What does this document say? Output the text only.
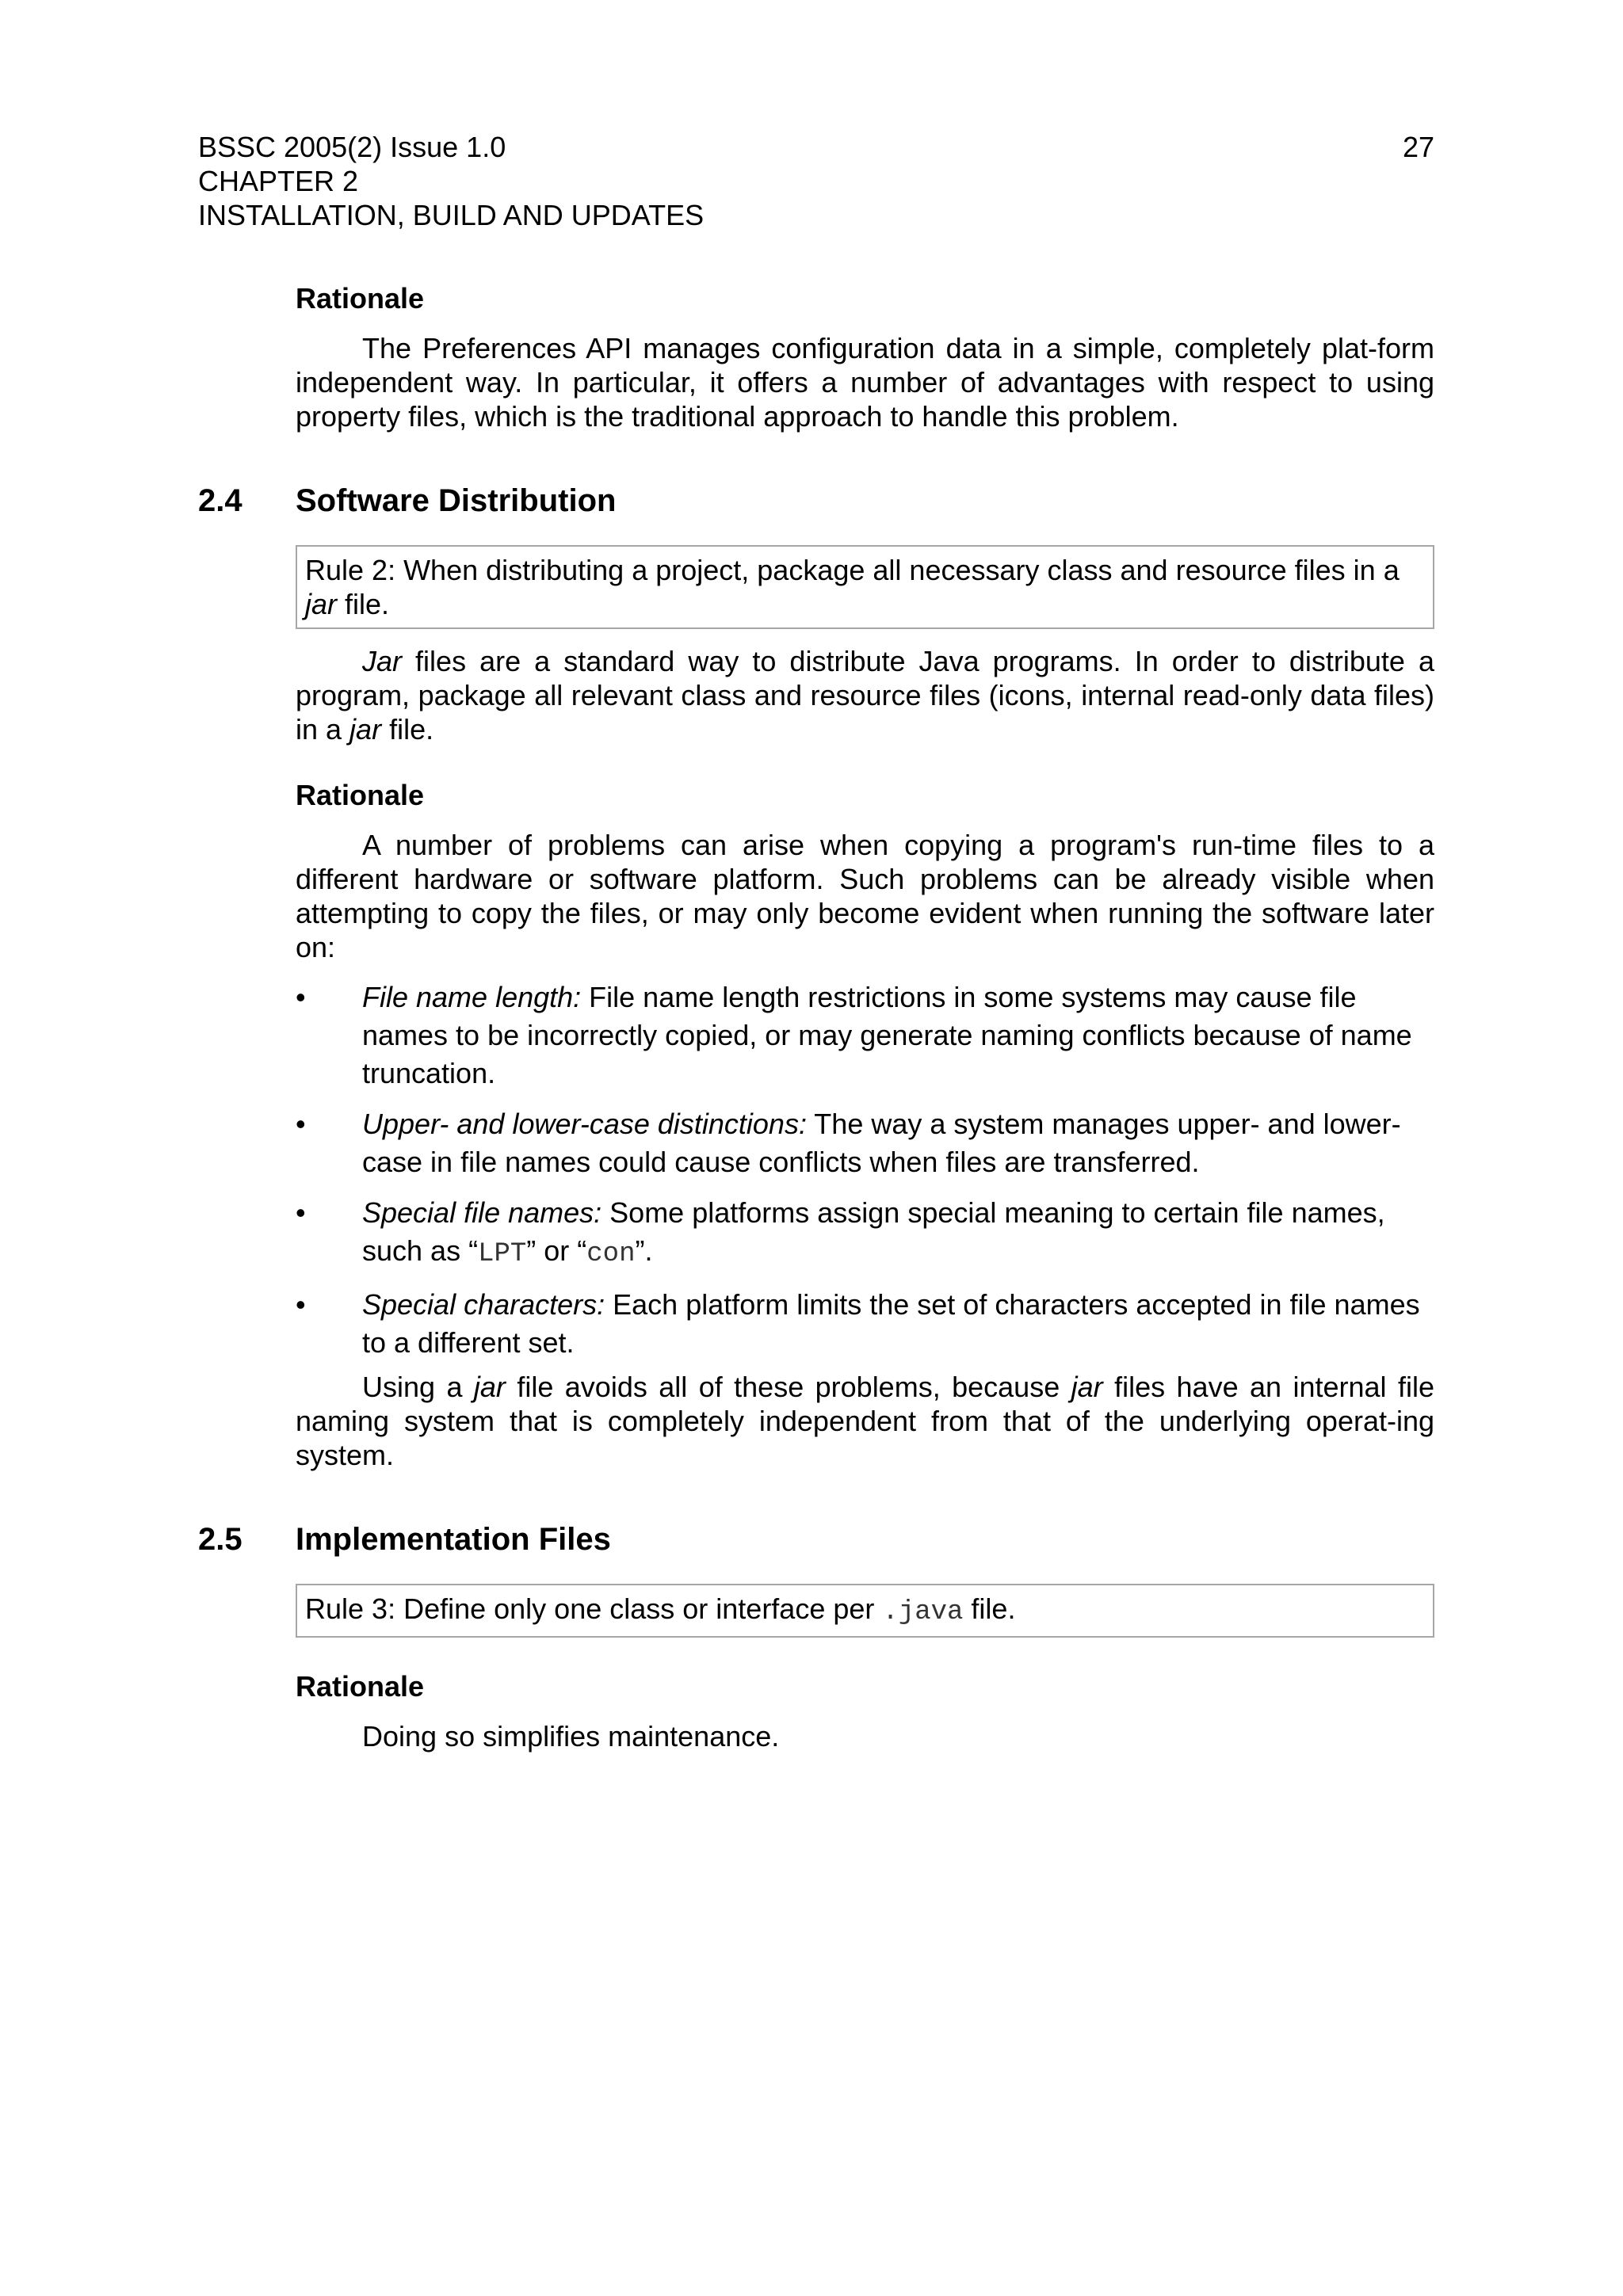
BSSC 2005(2) Issue 1.0
CHAPTER 2
INSTALLATION, BUILD AND UPDATES
27

Rationale

The Preferences API manages configuration data in a simple, completely plat-form independent way. In particular, it offers a number of advantages with respect to using property files, which is the traditional approach to handle this problem.

2.4 Software Distribution
Rule 2: When distributing a project, package all necessary class and resource files in a jar file.

Jar files are a standard way to distribute Java programs. In order to distribute a program, package all relevant class and resource files (icons, internal read-only data files) in a jar file.

Rationale

A number of problems can arise when copying a program's run-time files to a different hardware or software platform. Such problems can be already visible when attempting to copy the files, or may only become evident when running the software later on:

• File name length: File name length restrictions in some systems may cause file names to be incorrectly copied, or may generate naming conflicts because of name truncation.
• Upper- and lower-case distinctions: The way a system manages upper- and lower-case in file names could cause conflicts when files are transferred.
• Special file names: Some platforms assign special meaning to certain file names, such as “LPT” or “con”.
• Special characters: Each platform limits the set of characters accepted in file names to a different set.

Using a jar file avoids all of these problems, because jar files have an internal file naming system that is completely independent from that of the underlying operat-ing system.

2.5 Implementation Files
Rule 3: Define only one class or interface per .java file.

Rationale

Doing so simplifies maintenance.
